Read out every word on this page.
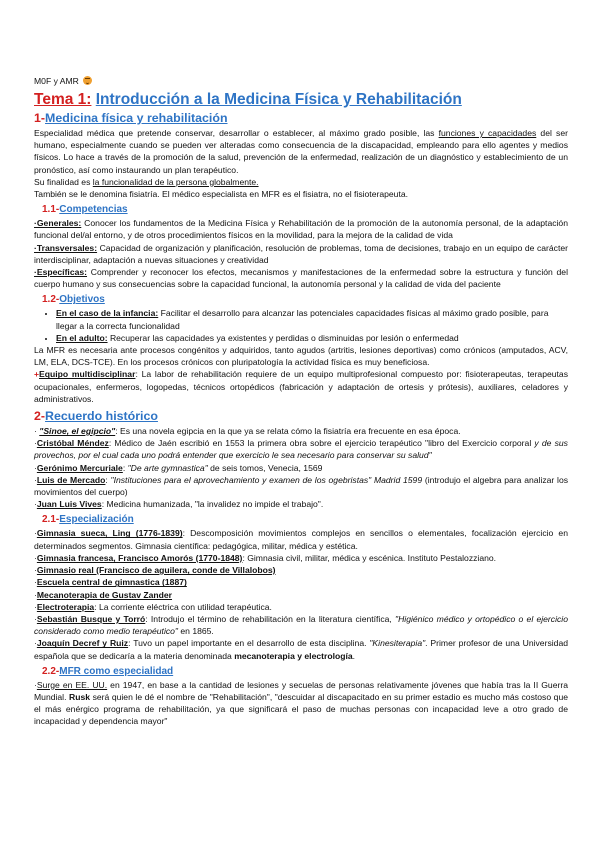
M0F y AMR
Tema 1: Introducción a la Medicina Física y Rehabilitación
1-Medicina física y rehabilitación

Especialidad médica que pretende conservar, desarrollar o establecer, al máximo grado posible, las funciones y capacidades del ser humano, especialmente cuando se pueden ver alteradas como consecuencia de la discapacidad, empleando para ello agentes y medios físicos. Lo hace a través de la promoción de la salud, prevención de la enfermedad, realización de un diagnóstico y establecimiento de un pronóstico, así como instaurando un plan terapéutico.

Su finalidad es la funcionalidad de la persona globalmente.

También se le denomina fisiatría. El médico especialista en MFR es el fisiatra, no el fisioterapeuta.

1.1-Competencias

·Generales: Conocer los fundamentos de la Medicina Física y Rehabilitación de la promoción de la autonomía personal, de la adaptación funcional del/al entorno, y de otros procedimientos físicos en la movilidad, para la mejora de la calidad de vida

·Transversales: Capacidad de organización y planificación, resolución de problemas, toma de decisiones, trabajo en un equipo de carácter interdisciplinar, adaptación a nuevas situaciones y creatividad

·Específicas: Comprender y reconocer los efectos, mecanismos y manifestaciones de la enfermedad sobre la estructura y función del cuerpo humano y sus consecuencias sobre la capacidad funcional, la autonomía personal y la calidad de vida del paciente

1.2-Objetivos
• En el caso de la infancia: Facilitar el desarrollo para alcanzar las potenciales capacidades físicas al máximo grado posible, para llegar a la correcta funcionalidad
• En el adulto: Recuperar las capacidades ya existentes y perdidas o disminuidas por lesión o enfermedad

La MFR es necesaria ante procesos congénitos y adquiridos, tanto agudos (artritis, lesiones deportivas) como crónicos (amputados, ACV, LM, ELA, DCS-TCE). En los procesos crónicos con pluripatología la actividad física es muy beneficiosa.

+Equipo multidisciplinar: La labor de rehabilitación requiere de un equipo multiprofesional compuesto por: fisioterapeutas, terapeutas ocupacionales, enfermeros, logopedas, técnicos ortopédicos (fabricación y adaptación de ortesis y prótesis), auxiliares, celadores y administrativos.

2-Recuerdo histórico

· "Sinoe, el egipcio": Es una novela egipcia en la que ya se relata cómo la fisiatría era frecuente en esa época.

·Cristóbal Méndez: Médico de Jaén escribió en 1553 la primera obra sobre el ejercicio terapéutico "libro del Exercicio corporal y de sus provechos, por el cual cada uno podrá entender que exercicio le sea necesario para conservar su salud"

·Gerónimo Mercuriale: "De arte gymnastica" de seis tomos, Venecia, 1569

·Luis de Mercado: "Instituciones para el aprovechamiento y examen de los ogebristas" Madrid 1599 (introdujo el algebra para analizar los movimientos del cuerpo)

·Juan Luis Vives: Medicina humanizada, "la invalidez no impide el trabajo".

2.1-Especialización

·Gimnasia sueca, Ling (1776-1839): Descomposición movimientos complejos en sencillos o elementales, focalización ejercicio en determinados segmentos. Gimnasia científica: pedagógica, militar, médica y estética.

·Gimnasia francesa, Francisco Amorós (1770-1848): Gimnasia civil, militar, médica y escénica. Instituto Pestalozziano.

·Gimnasio real (Francisco de aguilera, conde de Villalobos)

·Escuela central de gimnastica (1887)

·Mecanoterapia de Gustav Zander

·Electroterapia: La corriente eléctrica con utilidad terapéutica.

·Sebastián Busque y Torró: Introdujo el término de rehabilitación en la literatura científica, "Higiénico médico y ortopédico o el ejercicio considerado como medio terapéutico" en 1865.

·Joaquín Decref y Ruiz: Tuvo un papel importante en el desarrollo de esta disciplina. "Kinesiterapia". Primer profesor de una Universidad española que se dedicaría a la materia denominada mecanoterapia y electrología.

2.2-MFR como especialidad

·Surge en EE. UU. en 1947, en base a la cantidad de lesiones y secuelas de personas relativamente jóvenes que había tras la II Guerra Mundial. Rusk será quien le dé el nombre de "Rehabilitación", "descuidar al discapacitado en su primer estadio es mucho más costoso que el más enérgico programa de rehabilitación, ya que significará el paso de muchas personas con incapacidad leve a otro grado de incapacidad y dependencia mayor"
